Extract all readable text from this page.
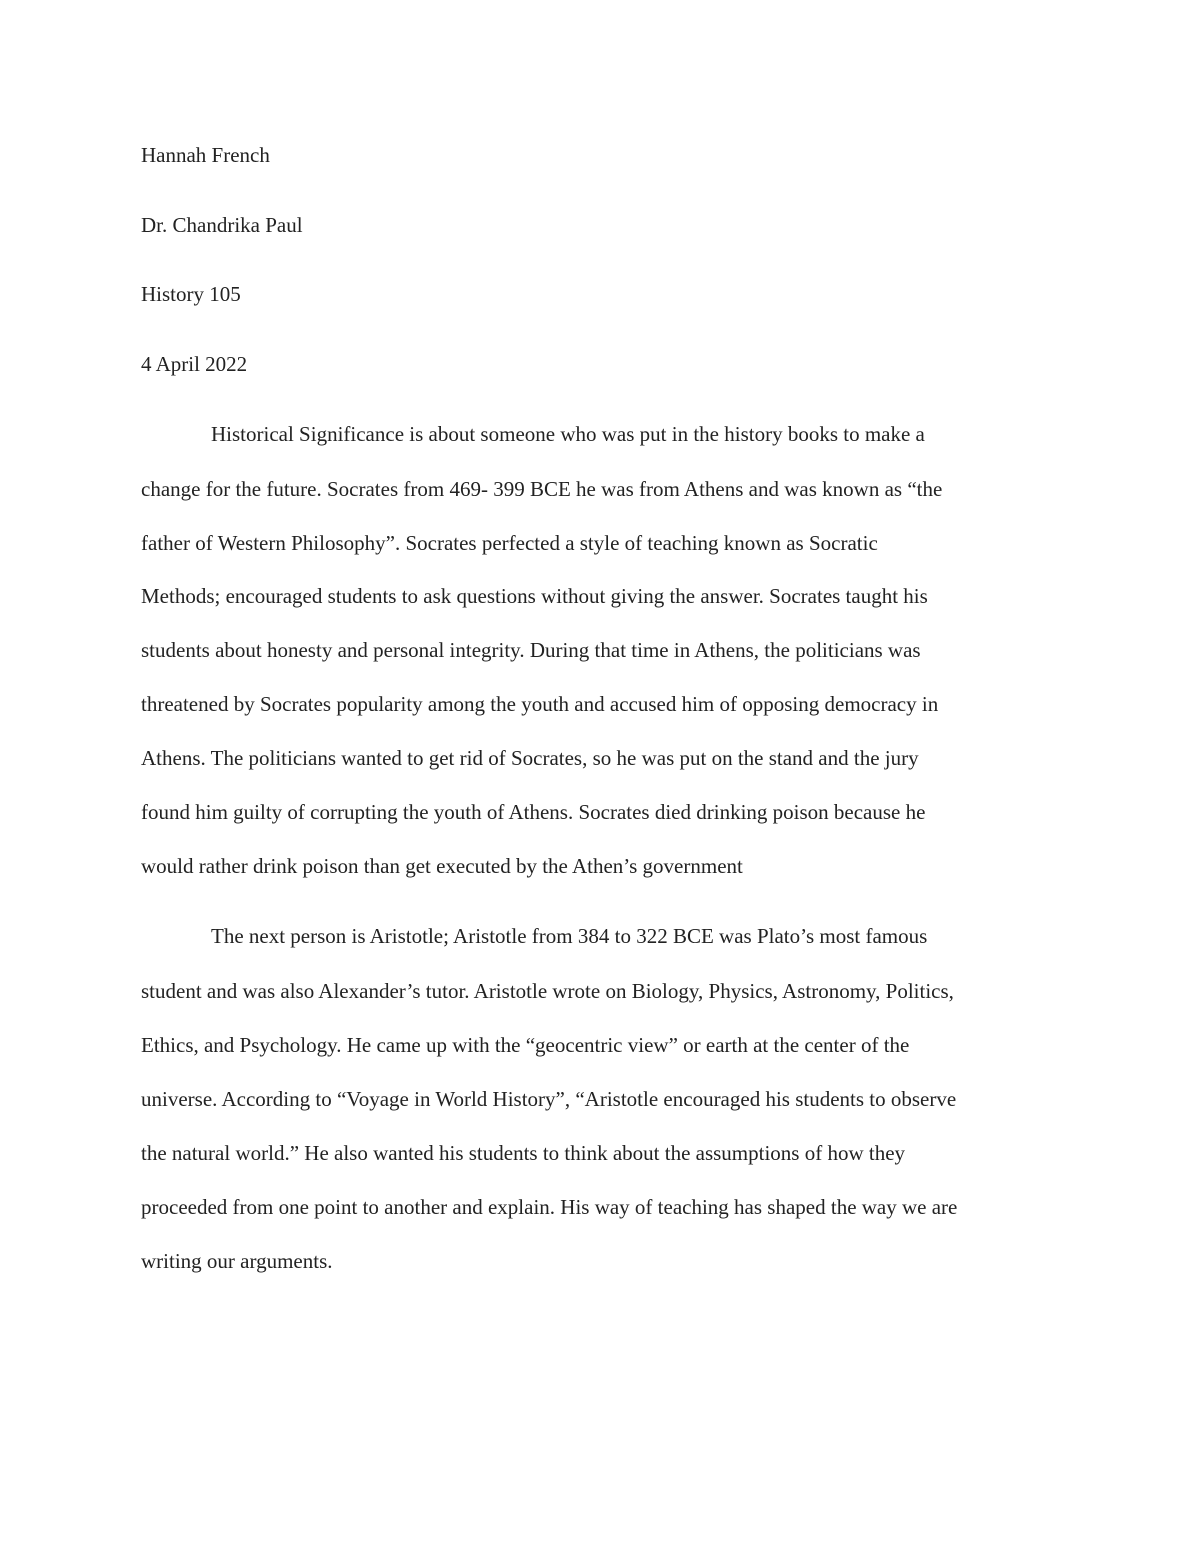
Hannah French
Dr. Chandrika Paul
History 105
4 April 2022
Historical Significance is about someone who was put in the history books to make a
change for the future. Socrates from 469- 399 BCE he was from Athens and was known as “the
father of Western Philosophy”. Socrates perfected a style of teaching known as Socratic
Methods; encouraged students to ask questions without giving the answer. Socrates taught his
students about honesty and personal integrity. During that time in Athens, the politicians was
threatened by Socrates popularity among the youth and accused him of opposing democracy in
Athens. The politicians wanted to get rid of Socrates, so he was put on the stand and the jury
found him guilty of corrupting the youth of Athens. Socrates died drinking poison because he
would rather drink poison than get executed by the Athen’s government
The next person is Aristotle; Aristotle from 384 to 322 BCE was Plato’s most famous
student and was also Alexander’s tutor. Aristotle wrote on Biology, Physics, Astronomy, Politics,
Ethics, and Psychology. He came up with the “geocentric view” or earth at the center of the
universe. According to “Voyage in World History”, “Aristotle encouraged his students to observe
the natural world.” He also wanted his students to think about the assumptions of how they
proceeded from one point to another and explain. His way of teaching has shaped the way we are
writing our arguments.
